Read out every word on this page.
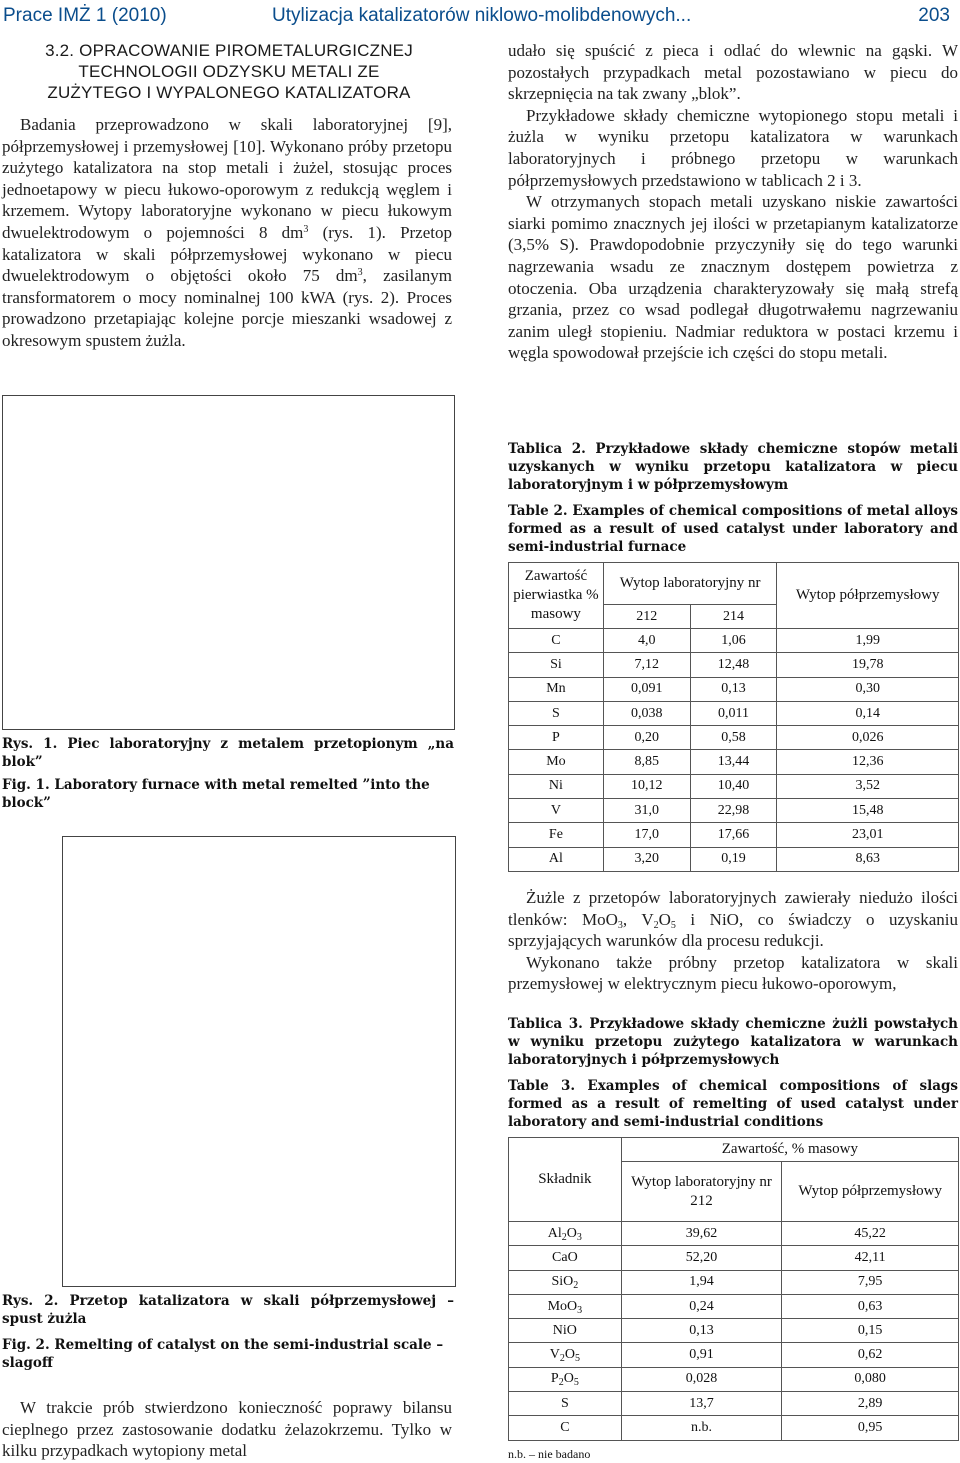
Prace IMŻ 1 (2010)	Utylizacja katalizatorów niklowo-molibdenowych...	203
3.2. OPRACOWANIE PIROMETALURGICZNEJ
TECHNOLOGII ODZYSKU METALI ZE
ZUŻYTEGO I WYPALONEGO KATALIZATORA

Badania przeprowadzono w skali laboratoryjnej [9], półprzemysłowej i przemysłowej [10]. Wykonano próby przetopu zużytego katalizatora na stop metali i żużel, stosując proces jednoetapowy w piecu łukowo-oporowym z redukcją węglem i krzemem. Wytopy laboratoryjne wykonano w piecu łukowym dwuelektrodowym o pojemności 8 $dm^3$ (rys. 1). Przetop katalizatora w skali półprzemysłowej wykonano w piecu dwuelektrodowym o objętości około 75 $dm^3$, zasilanym transformatorem o mocy nominalnej 100 kWA (rys. 2). Proces prowadzono przetapiając kolejne porcje mieszanki wsadowej z okresowym spustem żużla.

Rys. 1. Piec laboratoryjny z metalem przetopionym „na blok”

Fig. 1. Laboratory furnace with metal remelted ”into the block”

Rys. 2. Przetop katalizatora w skali półprzemysłowej – spust żużla

Fig. 2. Remelting of catalyst on the semi-industrial scale – slagoff

W trakcie prób stwierdzono konieczność poprawy bilansu cieplnego przez zastosowanie dodatku żelazokrzemu. Tylko w kilku przypadkach wytopiony metal

udało się spuścić z pieca i odlać do wlewnic na gąski. W pozostałych przypadkach metal pozostawiano w piecu do skrzepnięcia na tak zwany „blok”.

Przykładowe składy chemiczne wytopionego stopu metali i żużla w wyniku przetopu katalizatora w warunkach laboratoryjnych i próbnego przetopu w warunkach półprzemysłowych przedstawiono w tablicach 2 i 3.

W otrzymanych stopach metali uzyskano niskie zawartości siarki pomimo znacznych jej ilości w przetapianym katalizatorze (3,5% S). Prawdopodobnie przyczyniły się do tego warunki nagrzewania wsadu ze znacznym dostępem powietrza z otoczenia. Oba urządzenia charakteryzowały się małą strefą grzania, przez co wsad podlegał długotrwałemu nagrzewaniu zanim uległ stopieniu. Nadmiar reduktora w postaci krzemu i węgla spowodował przejście ich części do stopu metali.

Tablica 2. Przykładowe składy chemiczne stopów metali uzyskanych w wyniku przetopu katalizatora w piecu laboratoryjnym i w półprzemysłowym

Table 2. Examples of chemical compositions of metal alloys formed as a result of used catalyst under laboratory and semi-industrial furnace

Zawartość pierwiastka % masowy	Wytop laboratoryjny nr		Wytop półprzemysłowy
	212	214	
C	4,0	1,06	1,99
Si	7,12	12,48	19,78
Mn	0,091	0,13	0,30
S	0,038	0,011	0,14
P	0,20	0,58	0,026
Mo	8,85	13,44	12,36
Ni	10,12	10,40	3,52
V	31,0	22,98	15,48
Fe	17,0	17,66	23,01
Al	3,20	0,19	8,63

Żużle z przetopów laboratoryjnych zawierały niedużo ilości tlenków: MoO$_3$, $V_2O_5$ i NiO, co świadczy o uzyskaniu sprzyjających warunków dla procesu redukcji.

Wykonano także próbny przetop katalizatora w skali przemysłowej w elektrycznym piecu łukowo-oporowym,

Tablica 3. Przykładowe składy chemiczne żużli powstałych w wyniku przetopu zużytego katalizatora w warunkach laboratoryjnych i półprzemysłowych

Table 3. Examples of chemical compositions of slags formed as a result of remelting of used catalyst under laboratory and semi-industrial conditions

Składnik	Zawartość, % masowy	
	Wytop laboratoryjny nr 212	Wytop półprzemysłowy
$Al_2O_3$	39,62	45,22
CaO	52,20	42,11
SiO$_2$	1,94	7,95
MoO$_3$	0,24	0,63
NiO	0,13	0,15
$V_2O_5$	0,91	0,62
$P_2O_5$	0,028	0,080
S	13,7	2,89
C	n.b.	0,95
n.b. – nie badano
